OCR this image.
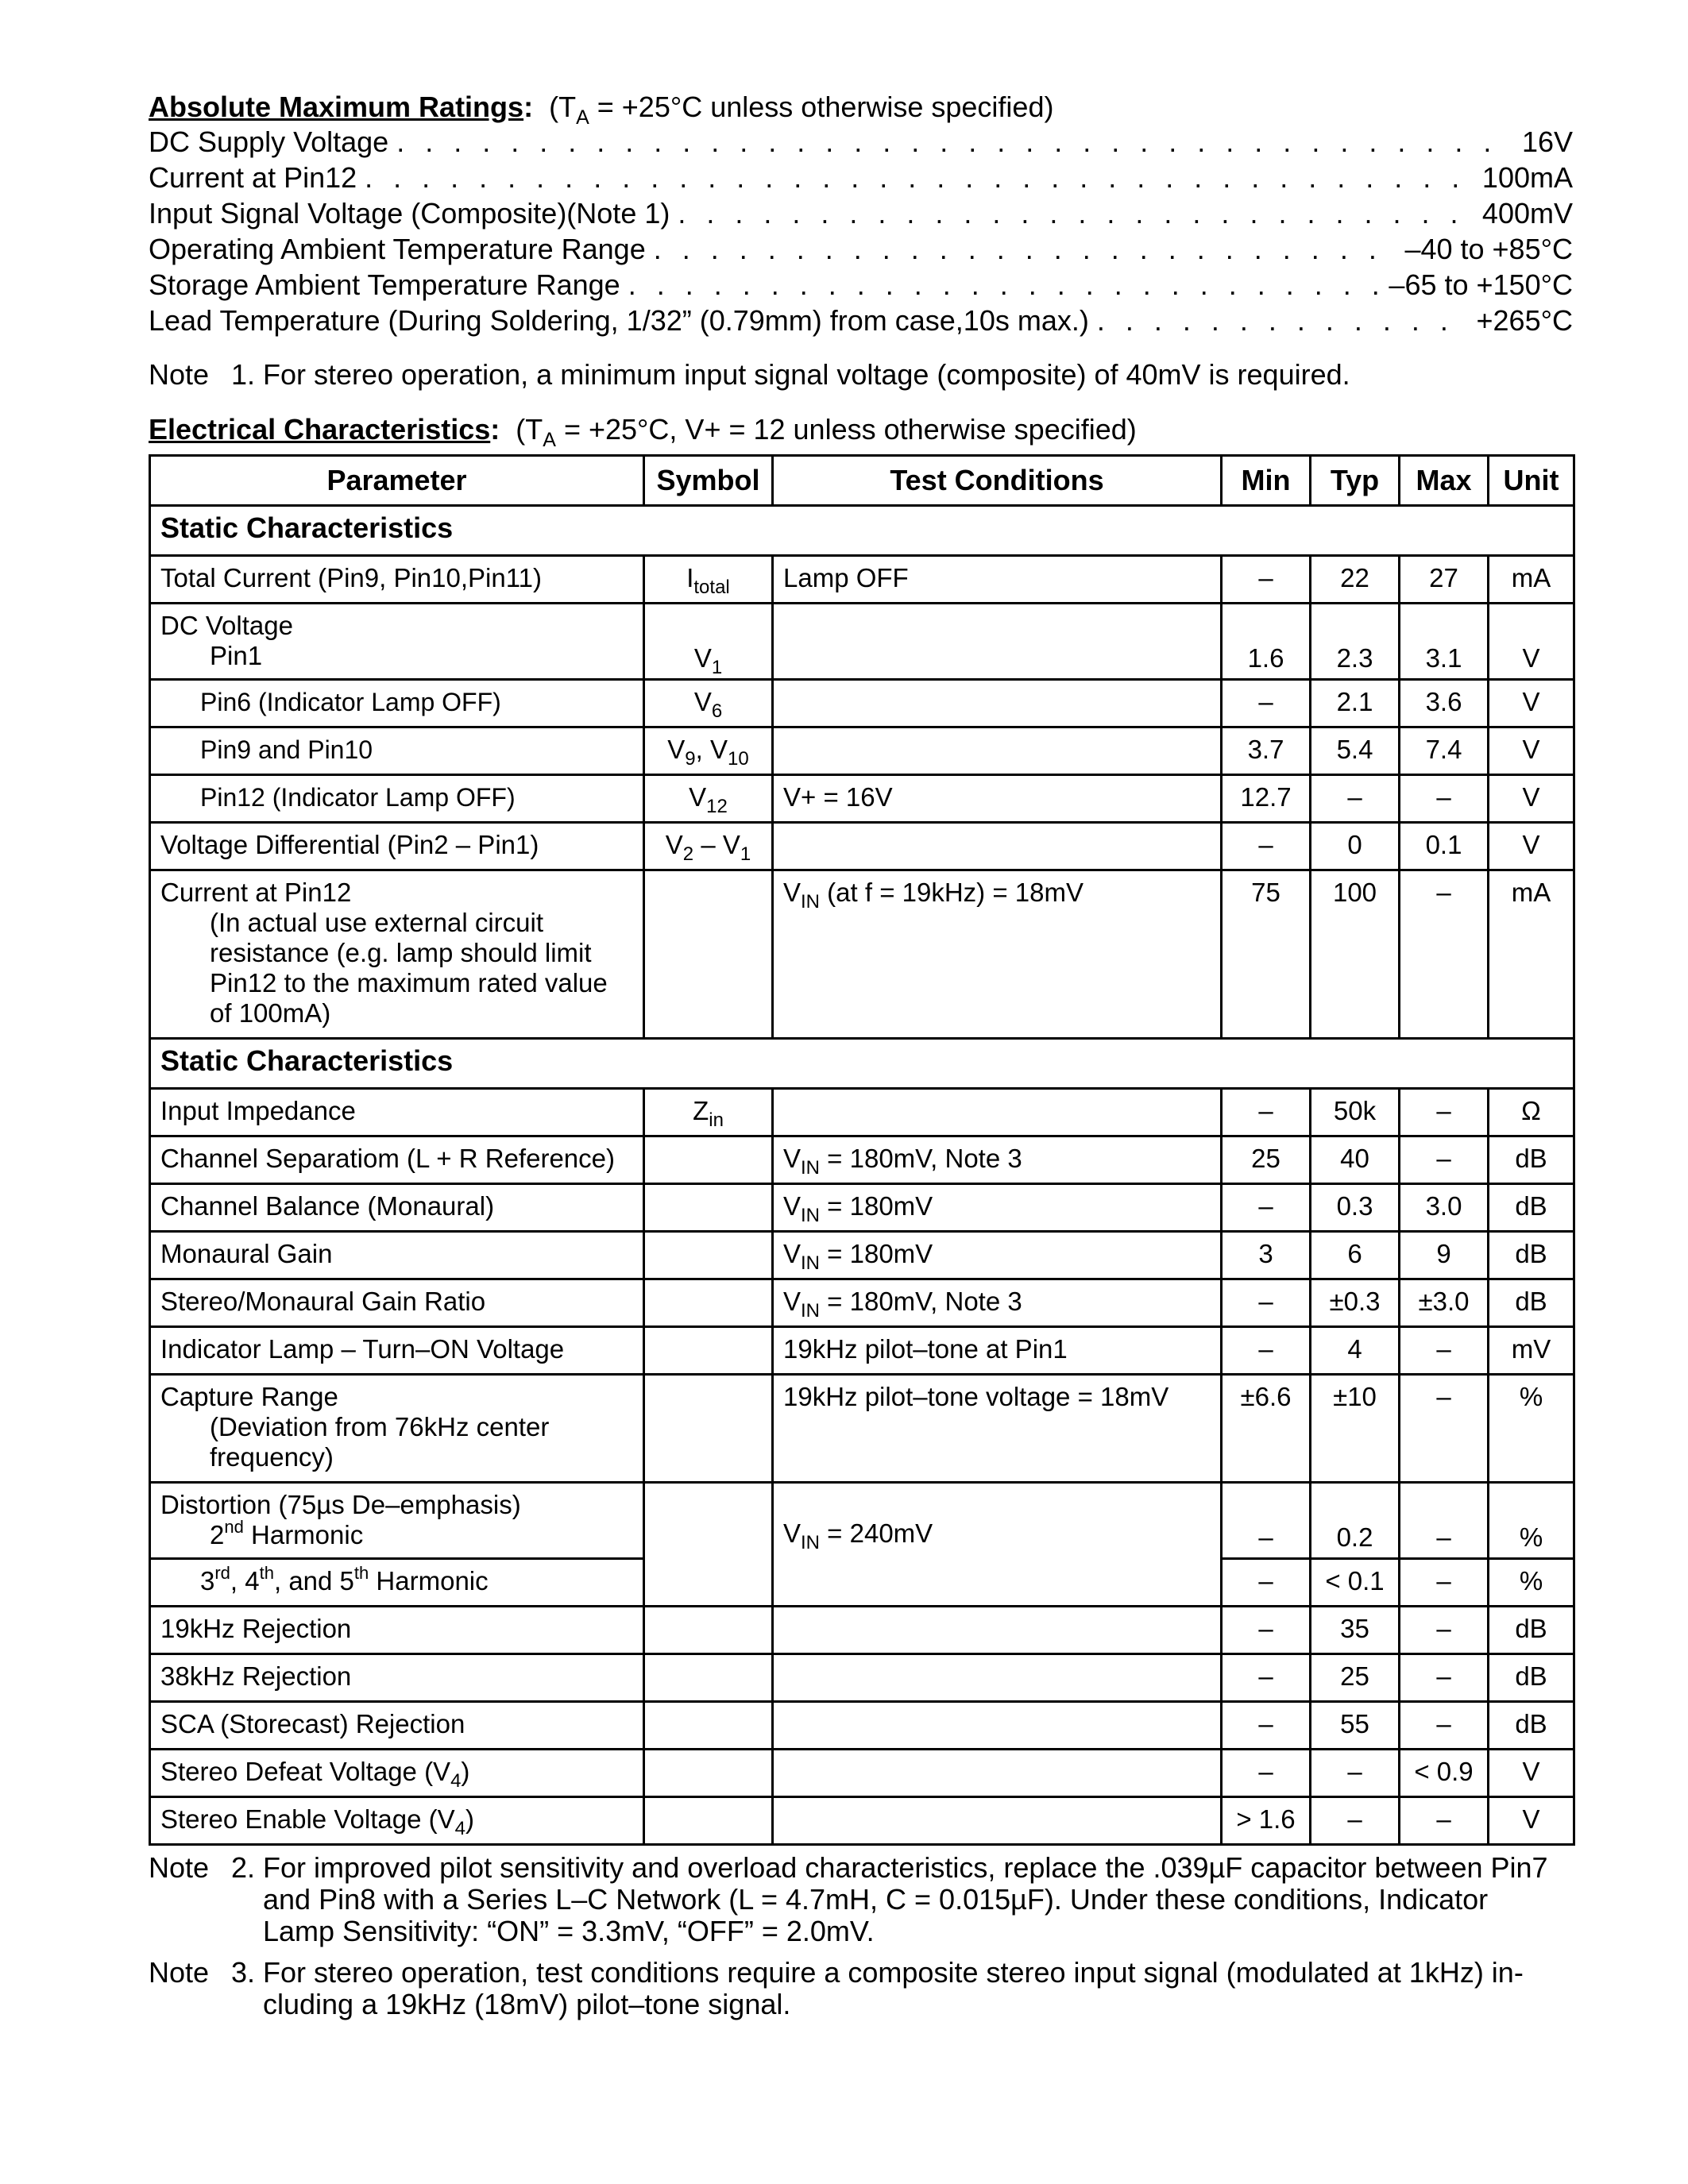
Absolute Maximum Ratings: ($T_A = +25^\circ C$ unless otherwise specified)
DC Supply Voltage . . .	16V
Current at Pin12 . . .	100mA
Input Signal Voltage (Composite)(Note 1) . . .	400mV
Operating Ambient Temperature Range . . .	–40 to +85°C
Storage Ambient Temperature Range . . .	–65 to +150°C
Lead Temperature (During Soldering, 1/32” (0.79mm) from case,10s max.) . . .	+265°C
Note 1. For stereo operation, a minimum input signal voltage (composite) of 40mV is required.
Electrical Characteristics: ($T_A = +25^\circ C$, V+ = 12 unless otherwise specified)
Parameter	Symbol	Test Conditions	Min	Typ	Max	Unit
Static Characteristics						
Total Current (Pin9, Pin10,Pin11)	$I_{total}$	Lamp OFF	–	22	27	mA
DC Voltage
Pin1	$V_1$		1.6	2.3	3.1	V
Pin6 (Indicator Lamp OFF)	$V_6$		–	2.1	3.6	V
Pin9 and Pin10	$V_9$, $V_{10}$		3.7	5.4	7.4	V
Pin12 (Indicator Lamp OFF)	$V_{12}$	V+ = 16V	12.7	–	–	V
Voltage Differential (Pin2 – Pin1)	$V_2 - V_1$		–	0	0.1	V
Current at Pin12
(In actual use external circuit
resistance (e.g. lamp should limit
Pin12 to the maximum rated value
of 100mA)		$V_{IN}$ (at f = 19kHz) = 18mV	75	100	–	mA
Static Characteristics						
Input Impedance	$Z_{in}$		–	50k	–	Ω
Channel Separatiom (L + R Reference)		$V_{IN} = 180mV$, Note 3	25	40	–	dB
Channel Balance (Monaural)		$V_{IN} = 180mV$	–	0.3	3.0	dB
Monaural Gain		$V_{IN} = 180mV$	3	6	9	dB
Stereo/Monaural Gain Ratio		$V_{IN} = 180mV$, Note 3	–	±0.3	±3.0	dB
Indicator Lamp – Turn–ON Voltage		19kHz pilot–tone at Pin1	–	4	–	mV
Capture Range
(Deviation from 76kHz center
frequency)		19kHz pilot–tone voltage = 18mV	±6.6	±10	–	%
Distortion (75µs De–emphasis)
2nd Harmonic		$V_{IN} = 240mV$	–	0.2	–	%
3rd, 4th, and 5th Harmonic			–	< 0.1	–	%
19kHz Rejection			–	35	–	dB
38kHz Rejection			–	25	–	dB
SCA (Storecast) Rejection			–	55	–	dB
Stereo Defeat Voltage $(V_4)$			–	–	< 0.9	V
Stereo Enable Voltage $(V_4)$			> 1.6	–	–	V
Note 2. For improved pilot sensitivity and overload characteristics, replace the .039µF capacitor between Pin7
and Pin8 with a Series L–C Network (L = 4.7mH, C = 0.015µF). Under these conditions, Indicator
Lamp Sensitivity: “ON” = 3.3mV, “OFF” = 2.0mV.
Note 3. For stereo operation, test conditions require a composite stereo input signal (modulated at 1kHz) in-
cluding a 19kHz (18mV) pilot–tone signal.
